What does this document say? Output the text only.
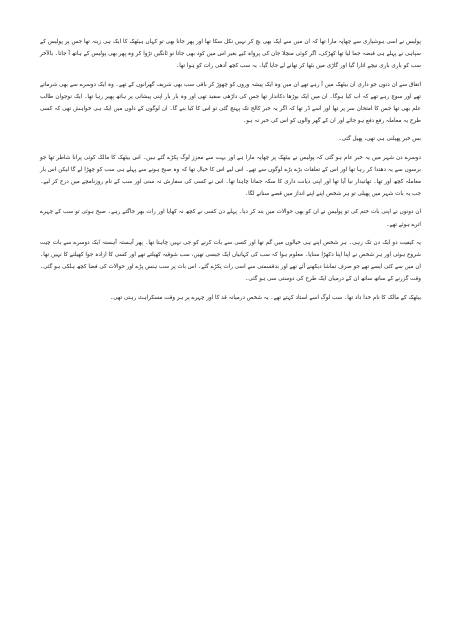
پولیس نے اسی ہوشیاری سے چھاپہ مارا تھا کہ ان میں سے ایک بھی بچ کر نہیں نکل سکا تھا اور پھر جانا بھی تو کہاں ہیٹھک کا ایک ہی زینہ تھا جس پر پولیس کے سپاہی نے پہلے ہی قبضہ جما لیا تھا کھڑکی، اگر کوئی منچلا جان کی پرواہ کیے بغیر اس میں کود بھی جاتا تو ٹانگیں تڑوا کر وہ پھر بھی پولیس کے ہاتھ آ جاتا۔ بالآخر سب کو باری باری نیچے اتارا گیا اور گاڑی میں بٹھا کر تھانے لے جایا گیا۔ یہ سب کچھ آدھی رات کو ہوا تھا۔

اتفاق سے ان دنوں جو داری ان بیٹھک میں آ رہے تھے ان میں وہ ایک پیشہ وروں کو چھوڑ کر باقی سب بھی شریف گھرانوں کے تھے۔ وہ ایک دوسرے سے بھی شرماتے تھے اور سوچ رہے تھے کہ اب کیا ہوگا۔ ان میں ایک بوڑھا دکاندار تھا جس کی داڑھی سفید تھی اور وہ بار بار اپنی پیشانی پر ہاتھ پھیر رہا تھا۔ ایک نوجوان طالب علم بھی تھا جس کا امتحان سر پر تھا اور اسے ڈر تھا کہ اگر یہ خبر کالج تک پہنچ گئی تو اس کا کیا بنے گا۔ ان لوگوں کے دلوں میں ایک ہی خواہش تھی کہ کسی طرح یہ معاملہ رفع دفع ہو جائے اور ان کے گھر والوں کو اس کی خبر نہ ہو۔

بس خبر پھیلنی ہی تھی، پھیل گئی۔

دوسرے دن شہر میں یہ خبر عام ہو گئی کہ پولیس نے بیٹھک پر چھاپہ مارا ہے اور بہت سے معزز لوگ پکڑے گئے ہیں۔ اس بیٹھک کا مالک کوئی پرانا شاطر تھا جو برسوں سے یہ دھندا کر رہا تھا اور اس کے تعلقات بڑے بڑے لوگوں سے تھے۔ اس لیے اس کا خیال تھا کہ وہ صبح ہونے سے پہلے ہی سب کو چھڑا لے گا لیکن اس بار معاملہ کچھ اور تھا۔ تھانیدار نیا آیا تھا اور اپنی دیانت داری کا سکہ جمانا چاہتا تھا۔ اس نے کسی کی سفارش نہ سنی اور سب کے نام روزنامچے میں درج کر لیے۔ جب یہ بات شہر میں پھیلی تو ہر شخص اپنے اپنے انداز میں قصے سنانے لگا۔

ان دونوں نے اپنی بات ختم کی تو پولیس نے ان کو بھی حوالات میں بند کر دیا۔ پہلے دن کسی نے کچھ نہ کھایا اور رات بھر جاگتے رہے۔ صبح ہوئی تو سب کے چہرے اترے ہوئے تھے۔

یہ کیفیت دو ایک دن تک رہی۔ ہر شخص اپنے ہی خیالوں میں گم تھا اور کسی سے بات کرنے کو جی نہیں چاہتا تھا۔ پھر آہستہ آہستہ ایک دوسرے سے بات چیت شروع ہوئی اور ہر شخص نے اپنا اپنا دکھڑا سنایا۔ معلوم ہوا کہ سب کی کہانیاں ایک جیسی تھیں، سب شوقیہ کھیلتے تھے اور کسی کا ارادہ جوا کھیلنے کا نہیں تھا۔ ان میں سے کئی ایسے تھے جو صرف تماشا دیکھنے آئے تھے اور بدقسمتی سے اسی رات پکڑے گئے۔ اس بات پر سب ہنس پڑے اور حوالات کی فضا کچھ ہلکی ہو گئی۔ وقت گزرنے کے ساتھ ساتھ ان کے درمیان ایک طرح کی دوستی سی ہو گئی۔

بیٹھک کے مالک کا نام خدا داد تھا۔ سب لوگ اسے استاد کہتے تھے۔ یہ شخص درمیانہ قد کا اور چہرے پر ہر وقت مسکراہٹ رہتی تھی۔
